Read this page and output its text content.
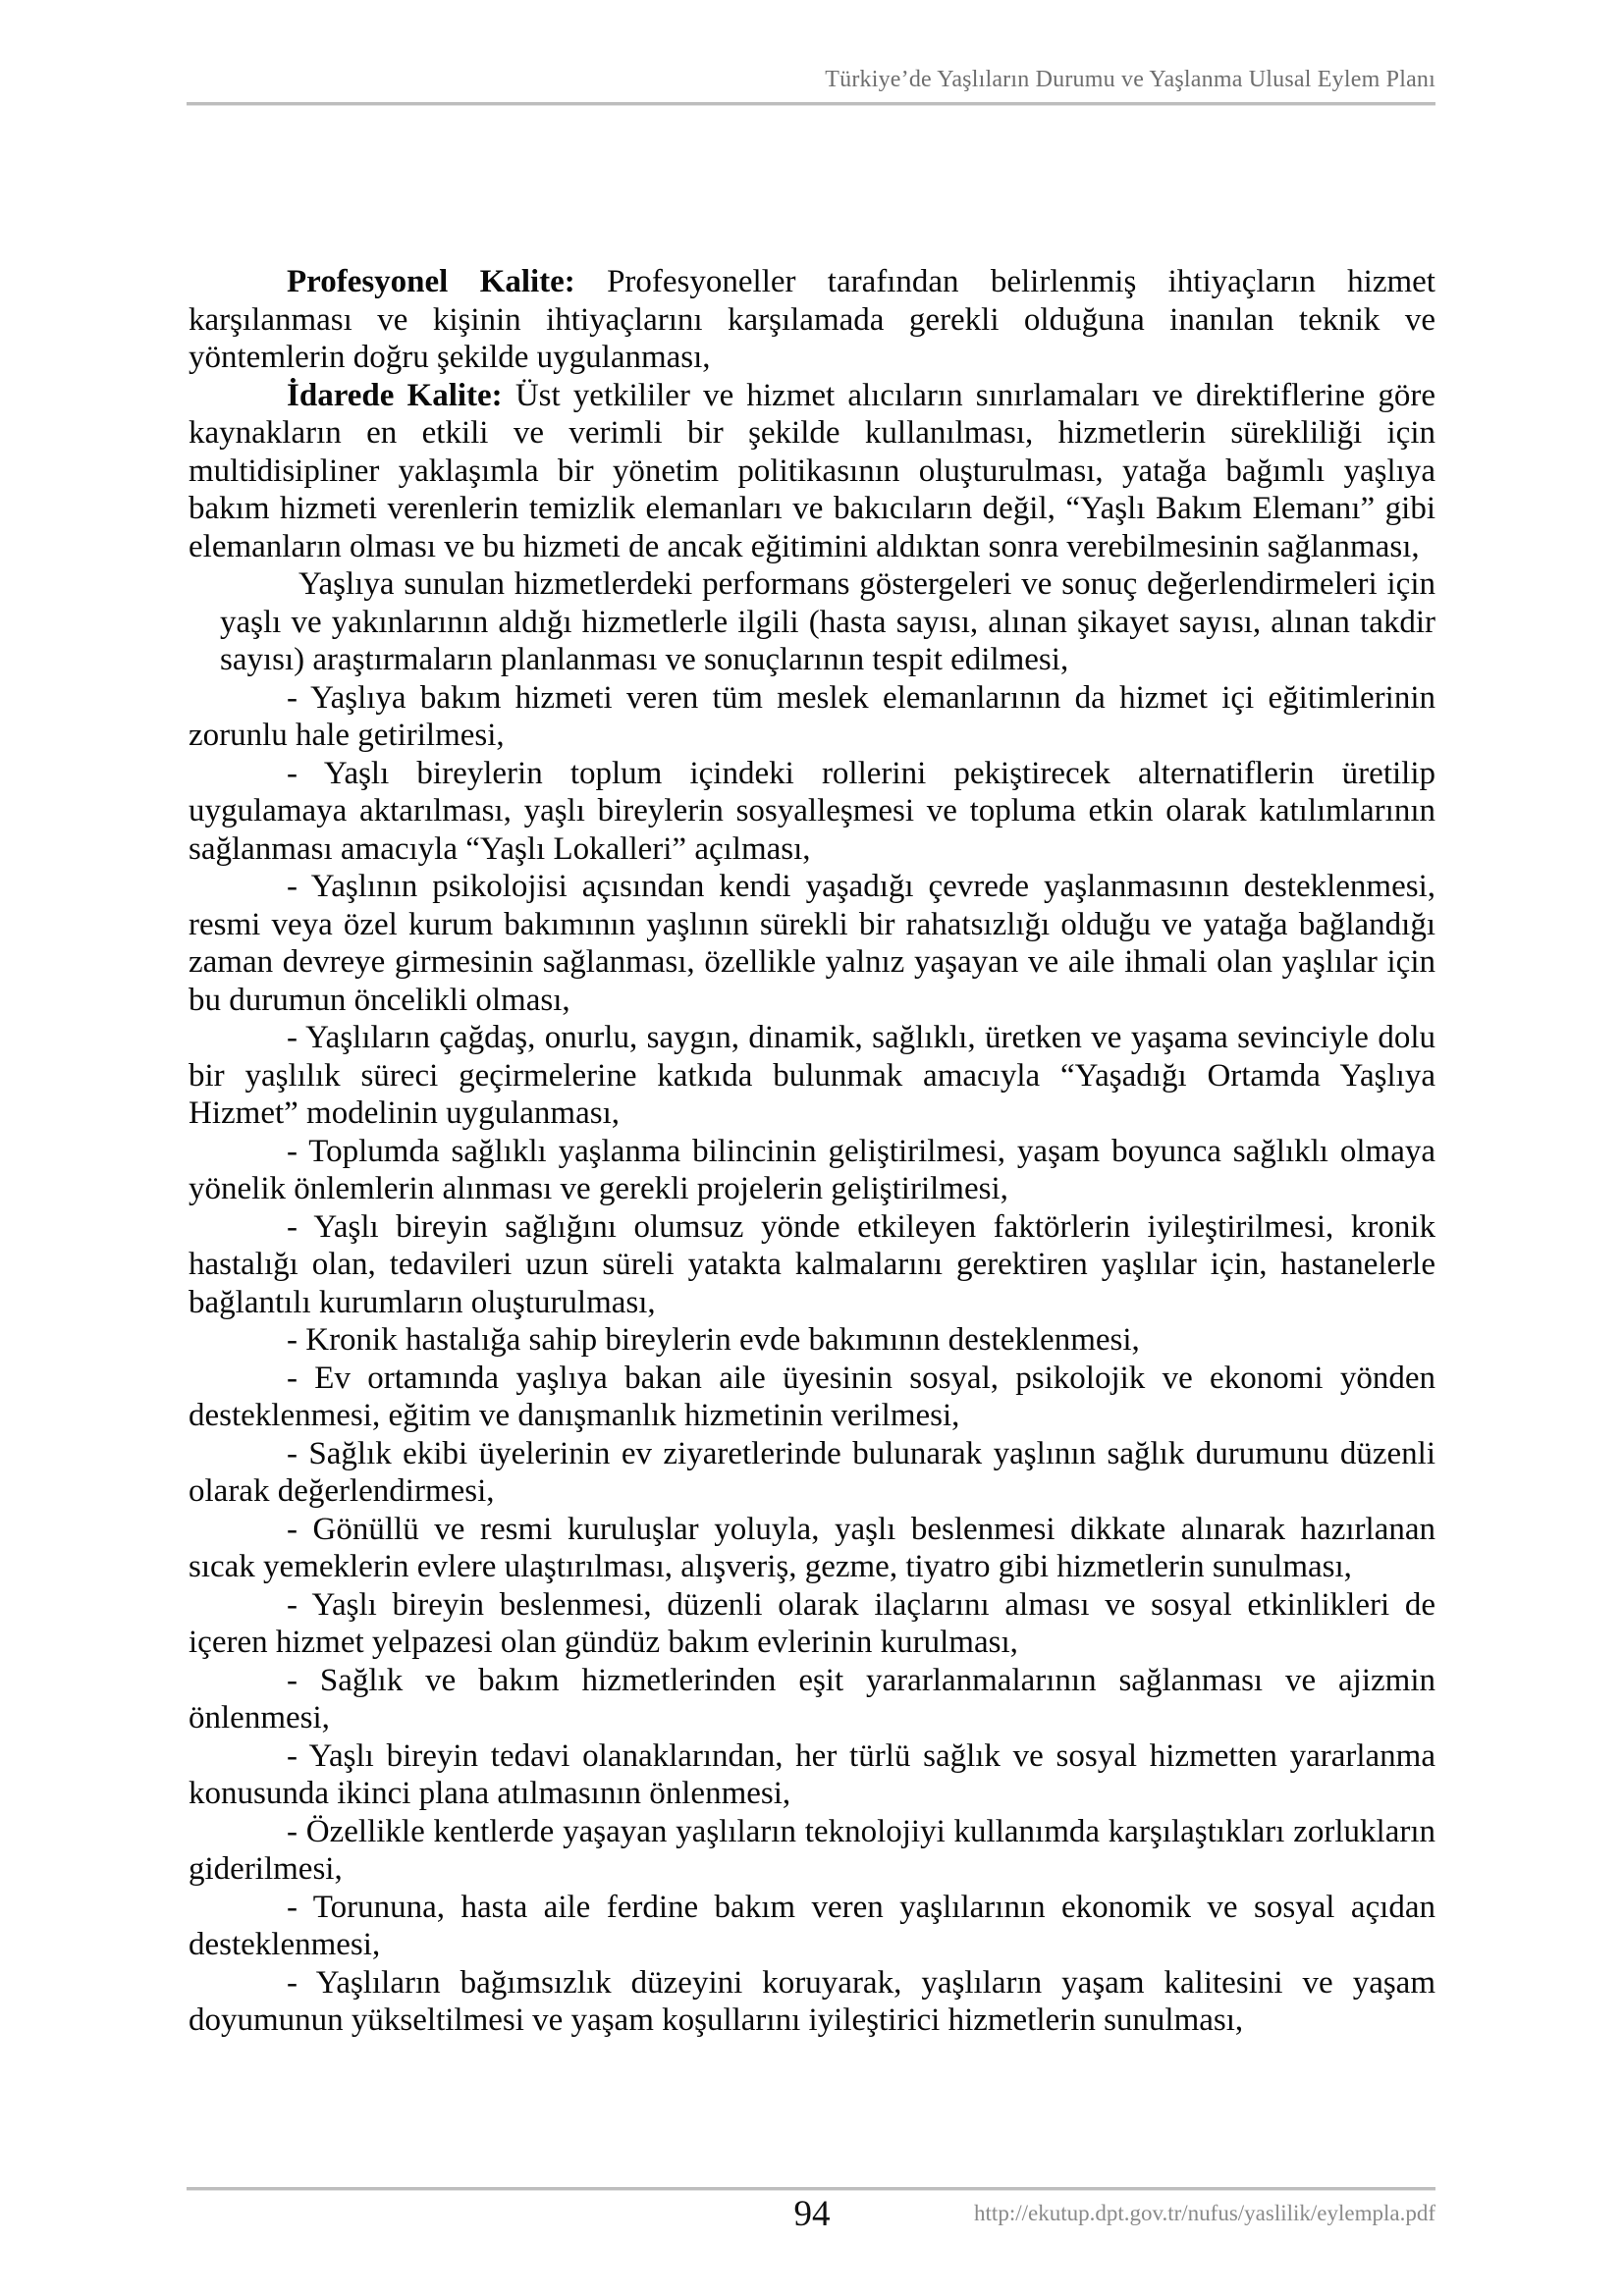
Türkiye’de Yaşlıların Durumu ve Yaşlanma Ulusal Eylem Planı

Profesyonel Kalite: Profesyoneller tarafından belirlenmiş ihtiyaçların hizmet karşılanması ve kişinin ihtiyaçlarını karşılamada gerekli olduğuna inanılan teknik ve yöntemlerin doğru şekilde uygulanması,

İdarede Kalite: Üst yetkililer ve hizmet alıcıların sınırlamaları ve direktiflerine göre kaynakların en etkili ve verimli bir şekilde kullanılması, hizmetlerin sürekliliği için multidisipliner yaklaşımla bir yönetim politikasının oluşturulması, yatağa bağımlı yaşlıya bakım hizmeti verenlerin temizlik elemanları ve bakıcıların değil, “Yaşlı Bakım Elemanı” gibi elemanların olması ve bu hizmeti de ancak eğitimini aldıktan sonra verebilmesinin sağlanması,

Yaşlıya sunulan hizmetlerdeki performans göstergeleri ve sonuç değerlendirmeleri için yaşlı ve yakınlarının aldığı hizmetlerle ilgili (hasta sayısı, alınan şikayet sayısı, alınan takdir sayısı) araştırmaların planlanması ve sonuçlarının tespit edilmesi,

- Yaşlıya bakım hizmeti veren tüm meslek elemanlarının da hizmet içi eğitimlerinin zorunlu hale getirilmesi,

- Yaşlı bireylerin toplum içindeki rollerini pekiştirecek alternatiflerin üretilip uygulamaya aktarılması, yaşlı bireylerin sosyalleşmesi ve topluma etkin olarak katılımlarının sağlanması amacıyla “Yaşlı Lokalleri” açılması,

- Yaşlının psikolojisi açısından kendi yaşadığı çevrede yaşlanmasının desteklenmesi, resmi veya özel kurum bakımının yaşlının sürekli bir rahatsızlığı olduğu ve yatağa bağlandığı zaman devreye girmesinin sağlanması, özellikle yalnız yaşayan ve aile ihmali olan yaşlılar için bu durumun öncelikli olması,

- Yaşlıların çağdaş, onurlu, saygın, dinamik, sağlıklı, üretken ve yaşama sevinciyle dolu bir yaşlılık süreci geçirmelerine katkıda bulunmak amacıyla “Yaşadığı Ortamda Yaşlıya Hizmet” modelinin uygulanması,

- Toplumda sağlıklı yaşlanma bilincinin geliştirilmesi, yaşam boyunca sağlıklı olmaya yönelik önlemlerin alınması ve gerekli projelerin geliştirilmesi,

- Yaşlı bireyin sağlığını olumsuz yönde etkileyen faktörlerin iyileştirilmesi, kronik hastalığı olan, tedavileri uzun süreli yatakta kalmalarını gerektiren yaşlılar için, hastanelerle bağlantılı kurumların oluşturulması,

- Kronik hastalığa sahip bireylerin evde bakımının desteklenmesi,

- Ev ortamında yaşlıya bakan aile üyesinin sosyal, psikolojik ve ekonomi yönden desteklenmesi, eğitim ve danışmanlık hizmetinin verilmesi,

- Sağlık ekibi üyelerinin ev ziyaretlerinde bulunarak yaşlının sağlık durumunu düzenli olarak değerlendirmesi,

- Gönüllü ve resmi kuruluşlar yoluyla, yaşlı beslenmesi dikkate alınarak hazırlanan sıcak yemeklerin evlere ulaştırılması, alışveriş, gezme, tiyatro gibi hizmetlerin sunulması,

- Yaşlı bireyin beslenmesi, düzenli olarak ilaçlarını alması ve sosyal etkinlikleri de içeren hizmet yelpazesi olan gündüz bakım evlerinin kurulması,

- Sağlık ve bakım hizmetlerinden eşit yararlanmalarının sağlanması ve ajizmin önlenmesi,

- Yaşlı bireyin tedavi olanaklarından, her türlü sağlık ve sosyal hizmetten yararlanma konusunda ikinci plana atılmasının önlenmesi,

- Özellikle kentlerde yaşayan yaşlıların teknolojiyi kullanımda karşılaştıkları zorlukların giderilmesi,

- Torununa, hasta aile ferdine bakım veren yaşlılarının ekonomik ve sosyal açıdan desteklenmesi,

- Yaşlıların bağımsızlık düzeyini koruyarak, yaşlıların yaşam kalitesini ve yaşam doyumunun yükseltilmesi ve yaşam koşullarını iyileştirici hizmetlerin sunulması,

94	http://ekutup.dpt.gov.tr/nufus/yaslilik/eylempla.pdf
